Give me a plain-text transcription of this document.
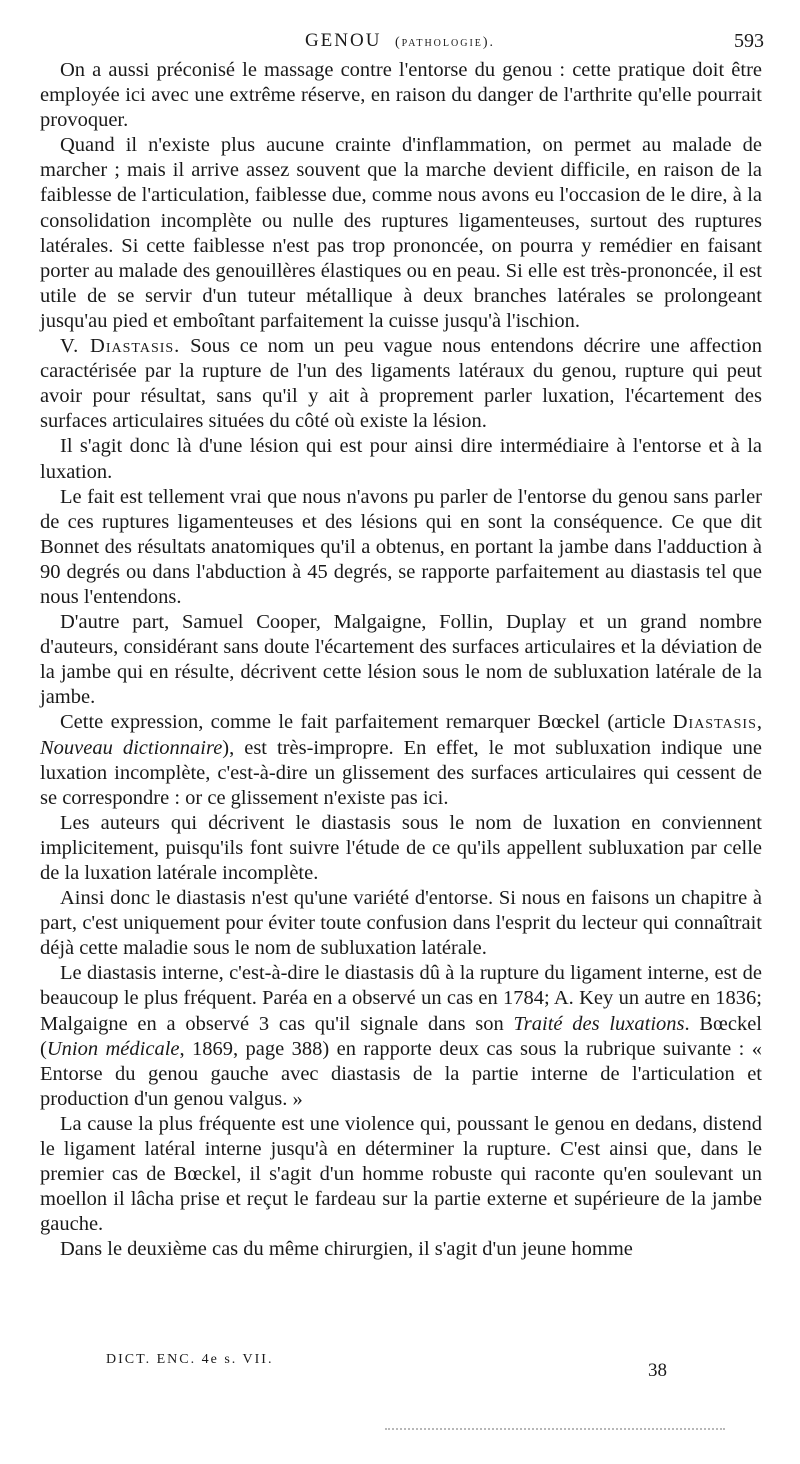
GENOU (pathologie).	593

On a aussi préconisé le massage contre l'entorse du genou : cette pratique doit être employée ici avec une extrême réserve, en raison du danger de l'arthrite qu'elle pourrait provoquer.

Quand il n'existe plus aucune crainte d'inflammation, on permet au malade de marcher ; mais il arrive assez souvent que la marche devient difficile, en raison de la faiblesse de l'articulation, faiblesse due, comme nous avons eu l'occasion de le dire, à la consolidation incomplète ou nulle des ruptures ligamenteuses, surtout des ruptures latérales. Si cette faiblesse n'est pas trop prononcée, on pourra y remédier en faisant porter au malade des genouillères élastiques ou en peau. Si elle est très-prononcée, il est utile de se servir d'un tuteur métallique à deux branches latérales se prolongeant jusqu'au pied et emboîtant parfaitement la cuisse jusqu'à l'ischion.

V. Diastasis. Sous ce nom un peu vague nous entendons décrire une affection caractérisée par la rupture de l'un des ligaments latéraux du genou, rupture qui peut avoir pour résultat, sans qu'il y ait à proprement parler luxation, l'écartement des surfaces articulaires situées du côté où existe la lésion.

Il s'agit donc là d'une lésion qui est pour ainsi dire intermédiaire à l'entorse et à la luxation.

Le fait est tellement vrai que nous n'avons pu parler de l'entorse du genou sans parler de ces ruptures ligamenteuses et des lésions qui en sont la conséquence. Ce que dit Bonnet des résultats anatomiques qu'il a obtenus, en portant la jambe dans l'adduction à 90 degrés ou dans l'abduction à 45 degrés, se rapporte parfaitement au diastasis tel que nous l'entendons.

D'autre part, Samuel Cooper, Malgaigne, Follin, Duplay et un grand nombre d'auteurs, considérant sans doute l'écartement des surfaces articulaires et la déviation de la jambe qui en résulte, décrivent cette lésion sous le nom de subluxation latérale de la jambe.

Cette expression, comme le fait parfaitement remarquer Bœckel (article Diastasis, Nouveau dictionnaire), est très-impropre. En effet, le mot subluxation indique une luxation incomplète, c'est-à-dire un glissement des surfaces articulaires qui cessent de se correspondre : or ce glissement n'existe pas ici.

Les auteurs qui décrivent le diastasis sous le nom de luxation en conviennent implicitement, puisqu'ils font suivre l'étude de ce qu'ils appellent subluxation par celle de la luxation latérale incomplète.

Ainsi donc le diastasis n'est qu'une variété d'entorse. Si nous en faisons un chapitre à part, c'est uniquement pour éviter toute confusion dans l'esprit du lecteur qui connaîtrait déjà cette maladie sous le nom de subluxation latérale.

Le diastasis interne, c'est-à-dire le diastasis dû à la rupture du ligament interne, est de beaucoup le plus fréquent. Paréa en a observé un cas en 1784; A. Key un autre en 1836; Malgaigne en a observé 3 cas qu'il signale dans son Traité des luxations. Bœckel (Union médicale, 1869, page 388) en rapporte deux cas sous la rubrique suivante : « Entorse du genou gauche avec diastasis de la partie interne de l'articulation et production d'un genou valgus. »

La cause la plus fréquente est une violence qui, poussant le genou en dedans, distend le ligament latéral interne jusqu'à en déterminer la rupture. C'est ainsi que, dans le premier cas de Bœckel, il s'agit d'un homme robuste qui raconte qu'en soulevant un moellon il lâcha prise et reçut le fardeau sur la partie externe et supérieure de la jambe gauche.

Dans le deuxième cas du même chirurgien, il s'agit d'un jeune homme

DICT. ENC. 4e s. VII.
38
